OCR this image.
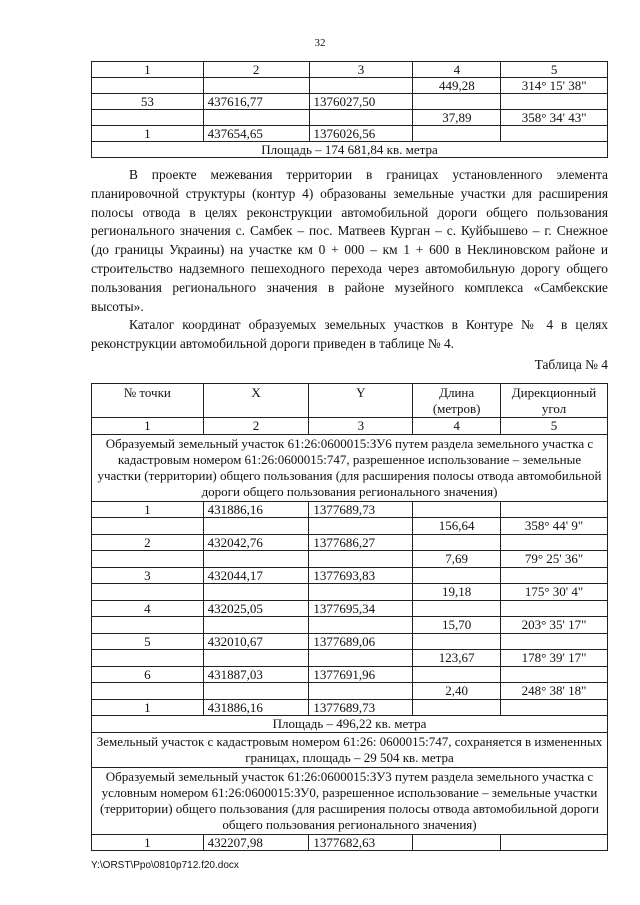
32
1	2	3	4	5
			449,28	314° 15' 38"
53	437616,77	1376027,50		
			37,89	358° 34' 43"
1	437654,65	1376026,56		
Площадь – 174 681,84 кв. метра				

В проекте межевания территории в границах установленного элемента планировочной структуры (контур 4) образованы земельные участки для расширения полосы отвода в целях реконструкции автомобильной дороги общего пользования регионального значения с. Самбек – пос. Матвеев Курган – с. Куйбышево – г. Снежное (до границы Украины) на участке км 0 + 000 – км 1 + 600 в Неклиновском районе и строительство надземного пешеходного перехода через автомобильную дорогу общего пользования регионального значения в районе музейного комплекса «Самбекские высоты».

Каталог координат образуемых земельных участков в Контуре № 4 в целях реконструкции автомобильной дороги приведен в таблице № 4.

Таблица № 4
№ точки	X	Y	Длина (метров)	Дирекционный угол
1	2	3	4	5
Образуемый земельный участок 61:26:0600015:ЗУ6 путем раздела земельного участка с кадастровым номером 61:26:0600015:747, разрешенное использование – земельные участки (территории) общего пользования (для расширения полосы отвода автомобильной дороги общего пользования регионального значения)				
1	431886,16	1377689,73		
			156,64	358° 44' 9"
2	432042,76	1377686,27		
			7,69	79° 25' 36"
3	432044,17	1377693,83		
			19,18	175° 30' 4"
4	432025,05	1377695,34		
			15,70	203° 35' 17"
5	432010,67	1377689,06		
			123,67	178° 39' 17"
6	431887,03	1377691,96		
			2,40	248° 38' 18"
1	431886,16	1377689,73		
Площадь – 496,22 кв. метра				
Земельный участок с кадастровым номером 61:26: 0600015:747, сохраняется в измененных границах, площадь – 29 504 кв. метра				
Образуемый земельный участок 61:26:0600015:ЗУ3 путем раздела земельного участка с условным номером 61:26:0600015:ЗУ0, разрешенное использование – земельные участки (территории) общего пользования (для расширения полосы отвода автомобильной дороги общего пользования регионального значения)				
1	432207,98	1377682,63		
Y:\ORST\Ppo\0810p712.f20.docx
